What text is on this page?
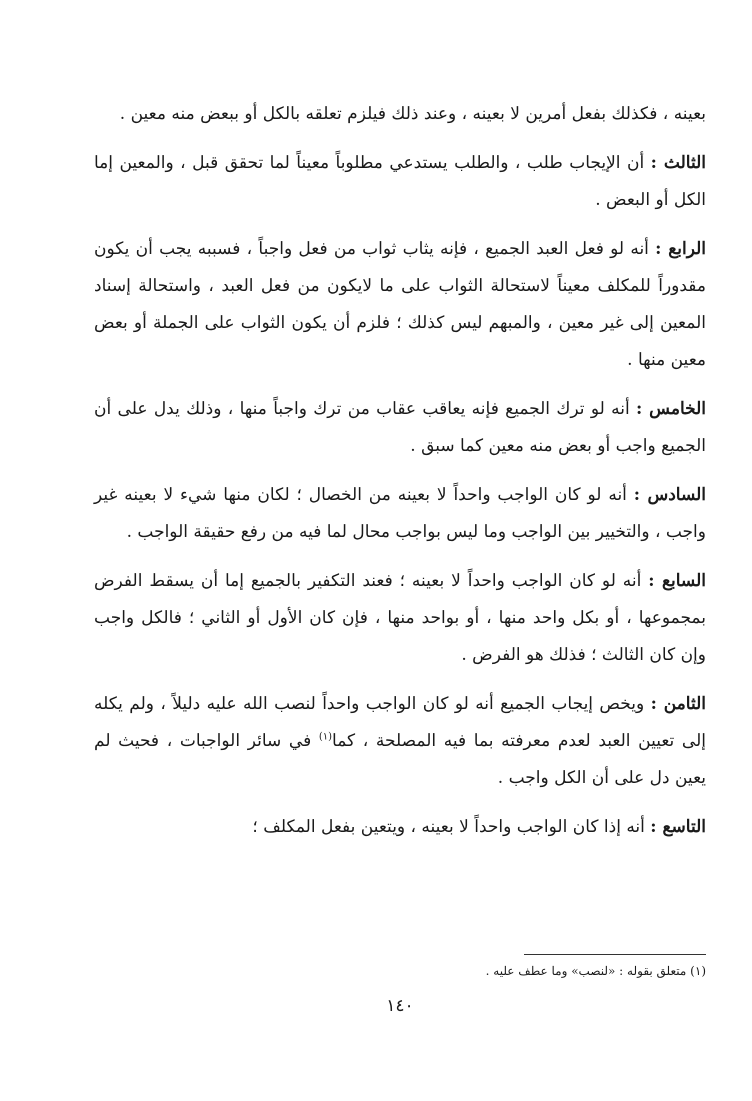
بعينه ، فكذلك بفعل أمرين لا بعينه ، وعند ذلك فيلزم تعلقه بالكل أو ببعض منه معين .

الثالث : أن الإيجاب طلب ، والطلب يستدعي مطلوباً معيناً لما تحقق قبل ، والمعين إما الكل أو البعض .

الرابع : أنه لو فعل العبد الجميع ، فإنه يثاب ثواب من فعل واجباً ، فسببه يجب أن يكون مقدوراً للمكلف معيناً لاستحالة الثواب على ما لايكون من فعل العبد ، واستحالة إسناد المعين إلى غير معين ، والمبهم ليس كذلك ؛ فلزم أن يكون الثواب على الجملة أو بعض معين منها .

الخامس : أنه لو ترك الجميع فإنه يعاقب عقاب من ترك واجباً منها ، وذلك يدل على أن الجميع واجب أو بعض منه معين كما سبق .

السادس : أنه لو كان الواجب واحداً لا بعينه من الخصال ؛ لكان منها شيء لا بعينه غير واجب ، والتخيير بين الواجب وما ليس بواجب محال لما فيه من رفع حقيقة الواجب .

السابع : أنه لو كان الواجب واحداً لا بعينه ؛ فعند التكفير بالجميع إما أن يسقط الفرض بمجموعها ، أو بكل واحد منها ، أو بواحد منها ، فإن كان الأول أو الثاني ؛ فالكل واجب وإن كان الثالث ؛ فذلك هو الفرض .

الثامن : ويخص إيجاب الجميع أنه لو كان الواجب واحداً لنصب الله عليه دليلاً ، ولم يكله إلى تعيين العبد لعدم معرفته بما فيه المصلحة ، كما$^{(١)}$ في سائر الواجبات ، فحيث لم يعين دل على أن الكل واجب .

التاسع : أنه إذا كان الواجب واحداً لا بعينه ، ويتعين بفعل المكلف ؛

(١) متعلق بقوله : «لنصب» وما عطف عليه .
١٤٠
